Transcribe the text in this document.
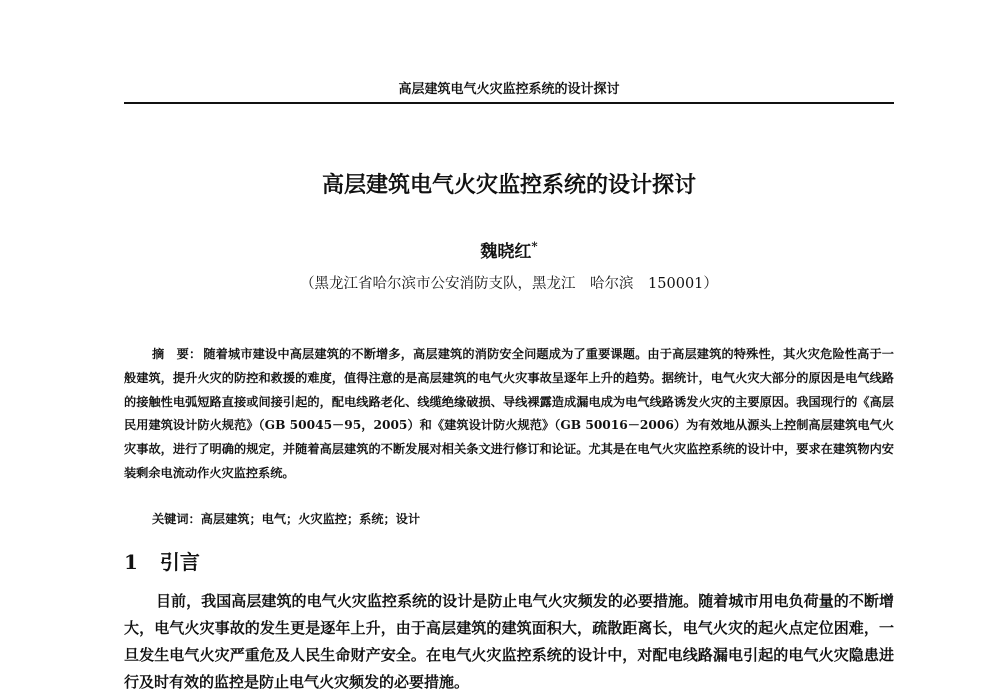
高层建筑电气火灾监控系统的设计探讨
高层建筑电气火灾监控系统的设计探讨
魏晓红*
（黑龙江省哈尔滨市公安消防支队，黑龙江　哈尔滨　150001）

摘　要： 随着城市建设中高层建筑的不断增多，高层建筑的消防安全问题成为了重要课题。由于高层建筑的特殊性，其火灾危险性高于一般建筑，提升火灾的防控和救援的难度，值得注意的是高层建筑的电气火灾事故呈逐年上升的趋势。据统计，电气火灾大部分的原因是电气线路的接触性电弧短路直接或间接引起的，配电线路老化、线缆绝缘破损、导线裸露造成漏电成为电气线路诱发火灾的主要原因。我国现行的《高层民用建筑设计防火规范》（GB 50045－95，2005）和《建筑设计防火规范》（GB 50016－2006）为有效地从源头上控制高层建筑电气火灾事故，进行了明确的规定，并随着高层建筑的不断发展对相关条文进行修订和论证。尤其是在电气火灾监控系统的设计中，要求在建筑物内安装剩余电流动作火灾监控系统。

关键词：高层建筑；电气；火灾监控；系统；设计
1 引言

目前，我国高层建筑的电气火灾监控系统的设计是防止电气火灾频发的必要措施。随着城市用电负荷量的不断增大，电气火灾事故的发生更是逐年上升，由于高层建筑的建筑面积大，疏散距离长，电气火灾的起火点定位困难，一旦发生电气火灾严重危及人民生命财产安全。在电气火灾监控系统的设计中，对配电线路漏电引起的电气火灾隐患进行及时有效的监控是防止电气火灾频发的必要措施。
